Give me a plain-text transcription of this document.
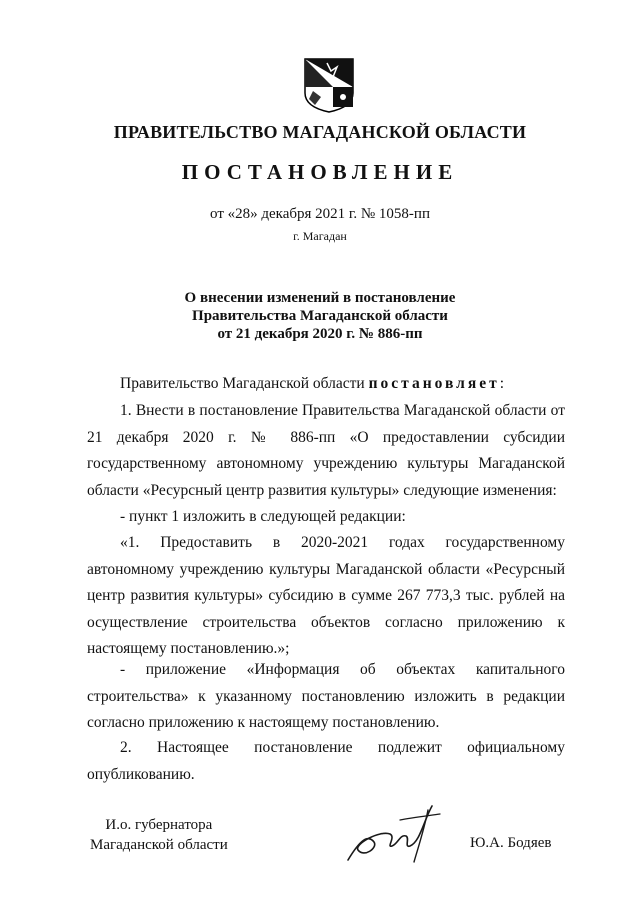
ПРАВИТЕЛЬСТВО МАГАДАНСКОЙ ОБЛАСТИ
ПОСТАНОВЛЕНИЕ
от «28» декабря 2021 г. № 1058-пп
г. Магадан
О внесении изменений в постановление
Правительства Магаданской области
от 21 декабря 2020 г. № 886-пп
Правительство Магаданской области постановляет:
1. Внести в постановление Правительства Магаданской области от 21 декабря 2020 г. № 886-пп «О предоставлении субсидии государственному автономному учреждению культуры Магаданской области «Ресурсный центр развития культуры» следующие изменения:
- пункт 1 изложить в следующей редакции:
«1. Предоставить в 2020-2021 годах государственному автономному учреждению культуры Магаданской области «Ресурсный центр развития культуры» субсидию в сумме 267 773,3 тыс. рублей на осуществление строительства объектов согласно приложению к настоящему постановлению.»;
- приложение «Информация об объектах капитального строительства» к указанному постановлению изложить в редакции согласно приложению к настоящему постановлению.
2. Настоящее постановление подлежит официальному опубликованию.
И.о. губернатора
Магаданской области	Ю.А. Бодяев
